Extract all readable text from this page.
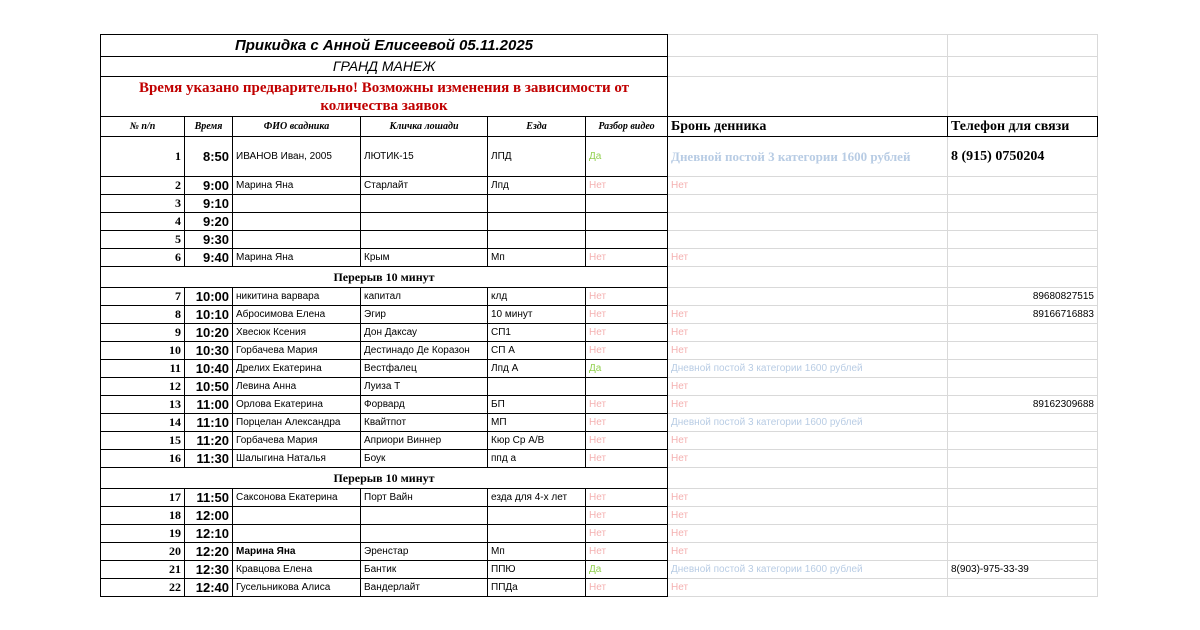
Прикидка с Анной Елисеевой 05.11.2025							
ГРАНД МАНЕЖ							
Время указано предварительно! Возможны изменения в зависимости от количества заявок							
№ п/п	Время	ФИО всадника	Кличка лошади	Езда	Разбор видео	Бронь денника	Телефон для связи
1	8:50	ИВАНОВ Иван, 2005	ЛЮТИК-15	ЛПД	Да	Дневной постой 3 категории 1600 рублей	8 (915) 0750204
2	9:00	Марина Яна	Старлайт	Лпд	Нет	Нет	
3	9:10						
4	9:20						
5	9:30						
6	9:40	Марина Яна	Крым	Мп	Нет	Нет	
Перерыв 10 минут							
7	10:00	никитина варвара	капитал	клд	Нет		89680827515
8	10:10	Абросимова Елена	Эгир	10 минут	Нет	Нет	89166716883
9	10:20	Хвесюк Ксения	Дон Даксау	СП1	Нет	Нет	
10	10:30	Горбачева Мария	Дестинадо Де Коразон	СП А	Нет	Нет	
11	10:40	Дрелих Екатерина	Вестфалец	Лпд А	Да	Дневной постой 3 категории 1600 рублей	
12	10:50	Левина Анна	Луиза Т			Нет	
13	11:00	Орлова Екатерина	Форвард	БП	Нет	Нет	89162309688
14	11:10	Порцелан Александра	Квайтпот	МП	Нет	Дневной постой 3 категории 1600 рублей	
15	11:20	Горбачева Мария	Априори Виннер	Кюр Ср А/В	Нет	Нет	
16	11:30	Шалыгина Наталья	Боук	ппд а	Нет	Нет	
Перерыв 10 минут							
17	11:50	Саксонова Екатерина	Порт Вайн	езда для 4-х лет	Нет	Нет	
18	12:00				Нет	Нет	
19	12:10				Нет	Нет	
20	12:20	Марина Яна	Эренстар	Мп	Нет	Нет	
21	12:30	Кравцова Елена	Бантик	ППЮ	Да	Дневной постой 3 категории 1600 рублей	8(903)-975-33-39
22	12:40	Гусельникова Алиса	Вандерлайт	ППДа	Нет	Нет	
